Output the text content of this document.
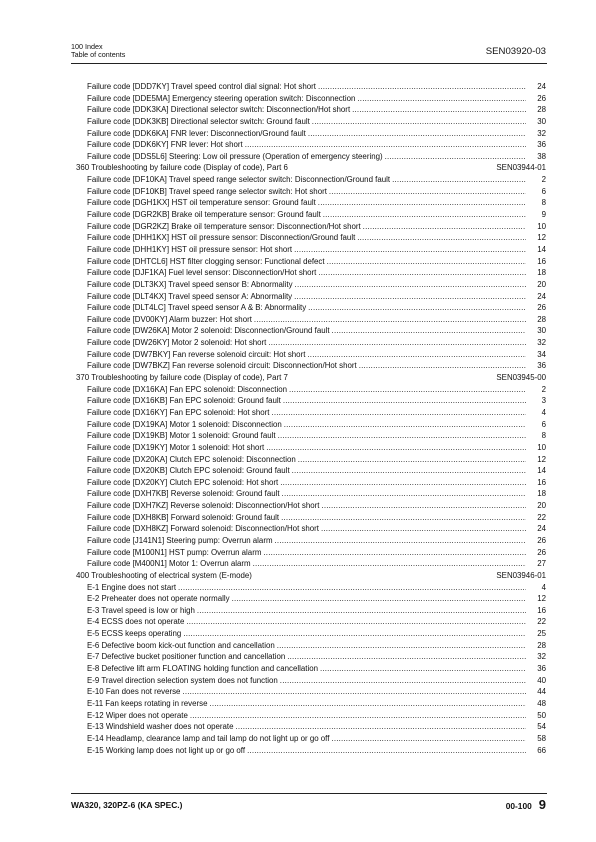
100 Index
Table of contents	SEN03920-03
Failure code [DDD7KY] Travel speed control dial signal: Hot short .....	24
Failure code [DDE5MA] Emergency steering operation switch: Disconnection .....	26
Failure code [DDK3KA] Directional selector switch: Disconnection/Hot short .....	28
Failure code [DDK3KB] Directional selector switch: Ground fault .....	30
Failure code [DDK6KA] FNR lever: Disconnection/Ground fault .....	32
Failure code [DDK6KY] FNR lever: Hot short .....	36
Failure code [DDS5L6] Steering: Low oil pressure (Operation of emergency steering) .....	38
360 Troubleshooting by failure code (Display of code), Part 6	SEN03944-01
Failure code [DF10KA] Travel speed range selector switch: Disconnection/Ground fault .....	2
Failure code [DF10KB] Travel speed range selector switch: Hot short .....	6
Failure code [DGH1KX] HST oil temperature sensor: Ground fault .....	8
Failure code [DGR2KB] Brake oil temperature sensor: Ground fault .....	9
Failure code [DGR2KZ] Brake oil temperature sensor: Disconnection/Hot short .....	10
Failure code [DHH1KX] HST oil pressure sensor: Disconnection/Ground fault .....	12
Failure code [DHH1KY] HST oil pressure sensor: Hot short .....	14
Failure code [DHTCL6] HST filter clogging sensor: Functional defect .....	16
Failure code [DJF1KA] Fuel level sensor: Disconnection/Hot short .....	18
Failure code [DLT3KX] Travel speed sensor B: Abnormality .....	20
Failure code [DLT4KX] Travel speed sensor A: Abnormality .....	24
Failure code [DLT4LC] Travel speed sensor A & B: Abnormality .....	26
Failure code [DV00KY] Alarm buzzer: Hot short .....	28
Failure code [DW26KA] Motor 2 solenoid: Disconnection/Ground fault .....	30
Failure code [DW26KY] Motor 2 solenoid: Hot short .....	32
Failure code [DW7BKY] Fan reverse solenoid circuit: Hot short .....	34
Failure code [DW7BKZ] Fan reverse solenoid circuit: Disconnection/Hot short .....	36
370 Troubleshooting by failure code (Display of code), Part 7	SEN03945-00
Failure code [DX16KA] Fan EPC solenoid: Disconnection .....	2
Failure code [DX16KB] Fan EPC solenoid: Ground fault .....	3
Failure code [DX16KY] Fan EPC solenoid: Hot short .....	4
Failure code [DX19KA] Motor 1 solenoid: Disconnection .....	6
Failure code [DX19KB] Motor 1 solenoid: Ground fault .....	8
Failure code [DX19KY] Motor 1 solenoid: Hot short .....	10
Failure code [DX20KA] Clutch EPC solenoid: Disconnection .....	12
Failure code [DX20KB] Clutch EPC solenoid: Ground fault .....	14
Failure code [DX20KY] Clutch EPC solenoid: Hot short .....	16
Failure code [DXH7KB] Reverse solenoid: Ground fault .....	18
Failure code [DXH7KZ] Reverse solenoid: Disconnection/Hot short .....	20
Failure code [DXH8KB] Forward solenoid: Ground fault .....	22
Failure code [DXH8KZ] Forward solenoid: Disconnection/Hot short .....	24
Failure code [J141N1] Steering pump: Overrun alarm .....	26
Failure code [M100N1] HST pump: Overrun alarm .....	26
Failure code [M400N1] Motor 1: Overrun alarm .....	27
400 Troubleshooting of electrical system (E-mode)	SEN03946-01
E-1 Engine does not start .....	4
E-2 Preheater does not operate normally .....	12
E-3 Travel speed is low or high .....	16
E-4 ECSS does not operate .....	22
E-5 ECSS keeps operating .....	25
E-6 Defective boom kick-out function and cancellation .....	28
E-7 Defective bucket positioner function and cancellation .....	32
E-8 Defective lift arm FLOATING holding function and cancellation .....	36
E-9 Travel direction selection system does not function .....	40
E-10 Fan does not reverse .....	44
E-11 Fan keeps rotating in reverse .....	48
E-12 Wiper does not operate .....	50
E-13 Windshield washer does not operate .....	54
E-14 Headlamp, clearance lamp and tail lamp do not light up or go off .....	58
E-15 Working lamp does not light up or go off .....	66
WA320, 320PZ-6 (KA SPEC.)	00-100 9
